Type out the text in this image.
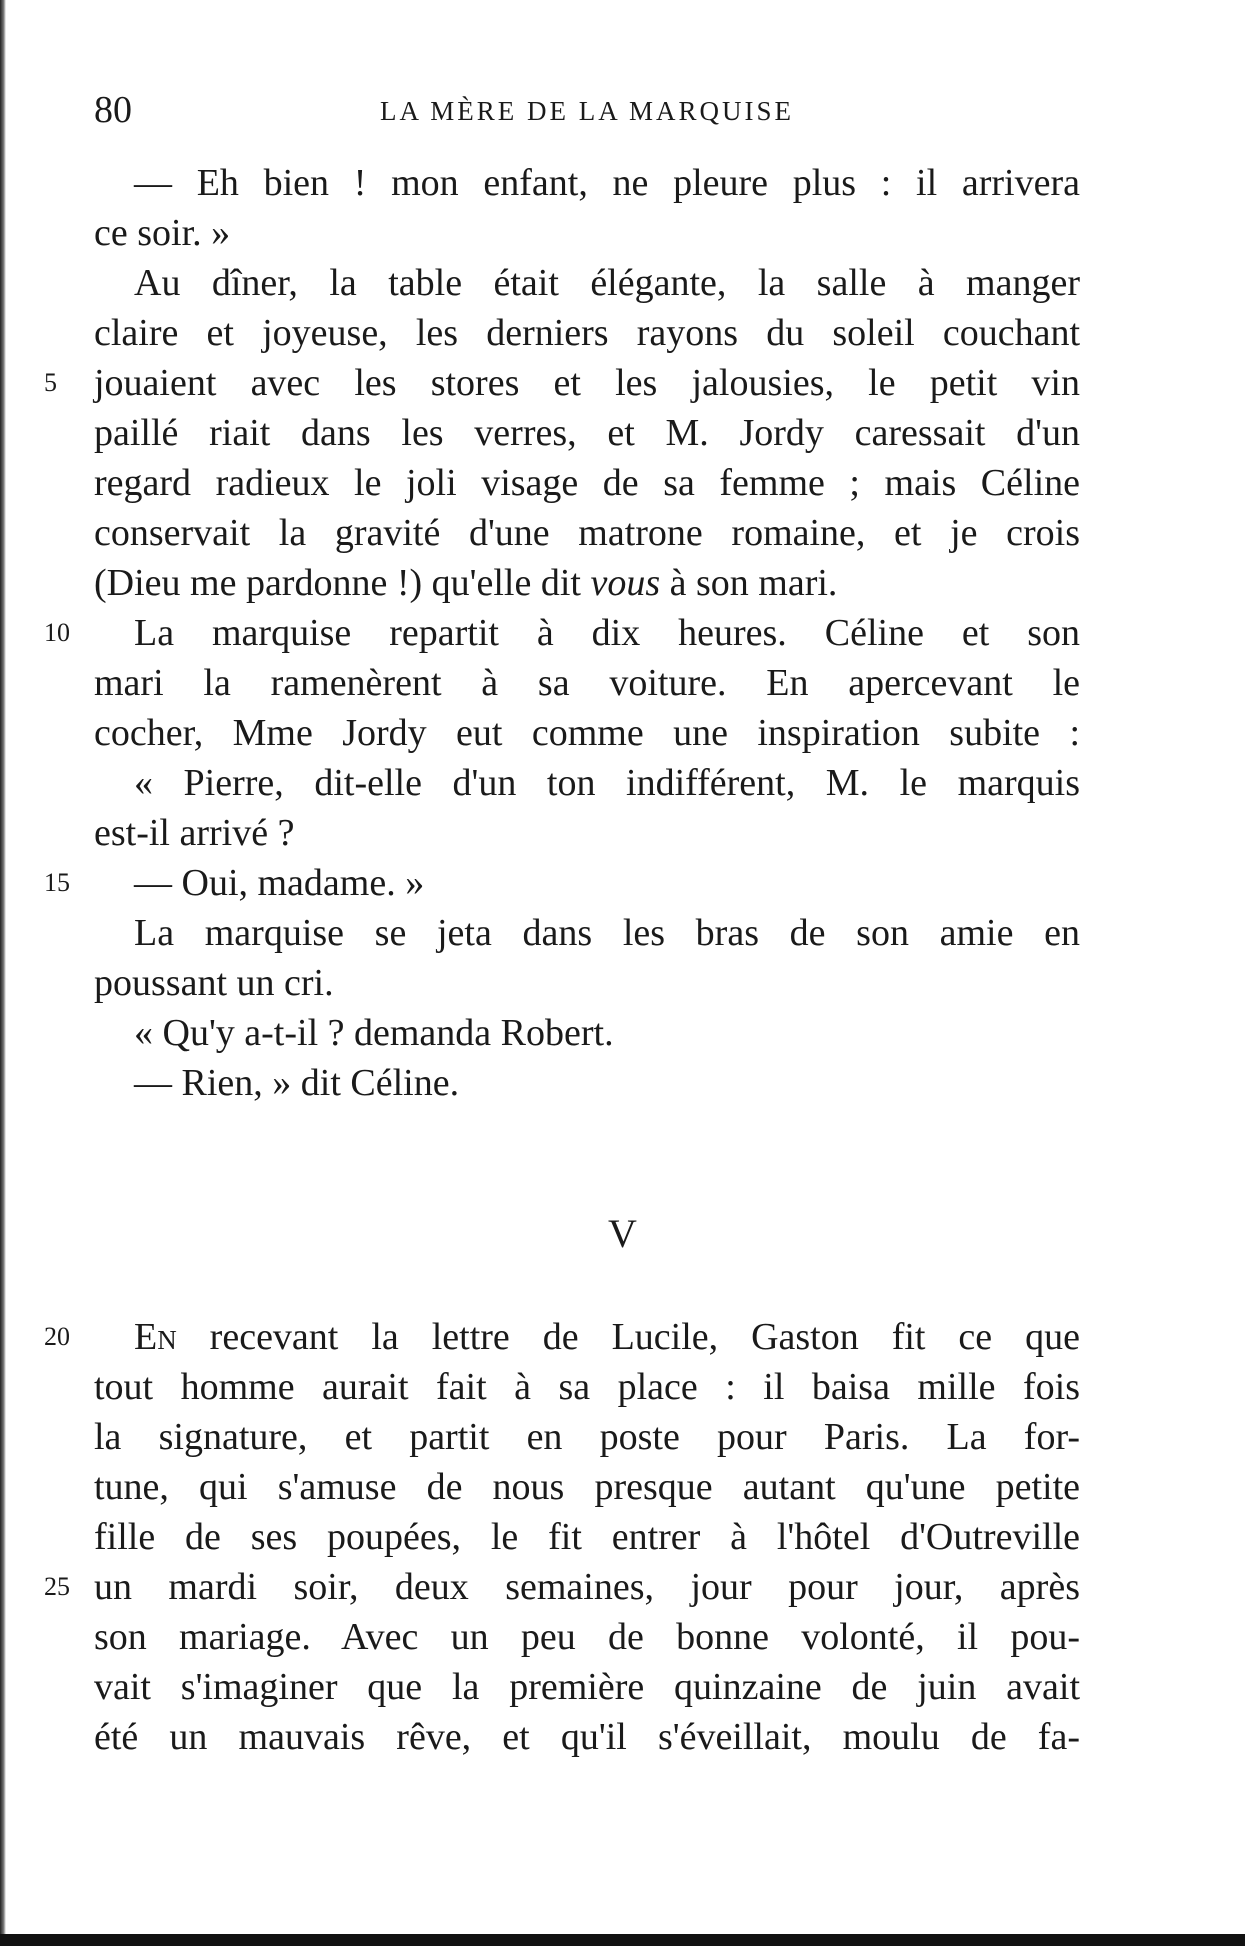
80	LA MÈRE DE LA MARQUISE
— Eh bien ! mon enfant, ne pleure plus : il arrivera
ce soir. »
Au dîner, la table était élégante, la salle à manger
claire et joyeuse, les derniers rayons du soleil couchant
jouaient avec les stores et les jalousies, le petit vin
5
paillé riait dans les verres, et M. Jordy caressait d'un
regard radieux le joli visage de sa femme ; mais Céline
conservait la gravité d'une matrone romaine, et je crois
(Dieu me pardonne !) qu'elle dit vous à son mari.
La marquise repartit à dix heures. Céline et son
10
mari la ramenèrent à sa voiture. En apercevant le
cocher, Mme Jordy eut comme une inspiration subite :
« Pierre, dit-elle d'un ton indifférent, M. le marquis
est-il arrivé ?
— Oui, madame. »
15
La marquise se jeta dans les bras de son amie en
poussant un cri.
« Qu'y a-t-il ? demanda Robert.
— Rien, » dit Céline.
En recevant la lettre de Lucile, Gaston fit ce que
20
tout homme aurait fait à sa place : il baisa mille fois
la signature, et partit en poste pour Paris. La for-
tune, qui s'amuse de nous presque autant qu'une petite
fille de ses poupées, le fit entrer à l'hôtel d'Outreville
un mardi soir, deux semaines, jour pour jour, après
25
son mariage. Avec un peu de bonne volonté, il pou-
vait s'imaginer que la première quinzaine de juin avait
été un mauvais rêve, et qu'il s'éveillait, moulu de fa-
V
